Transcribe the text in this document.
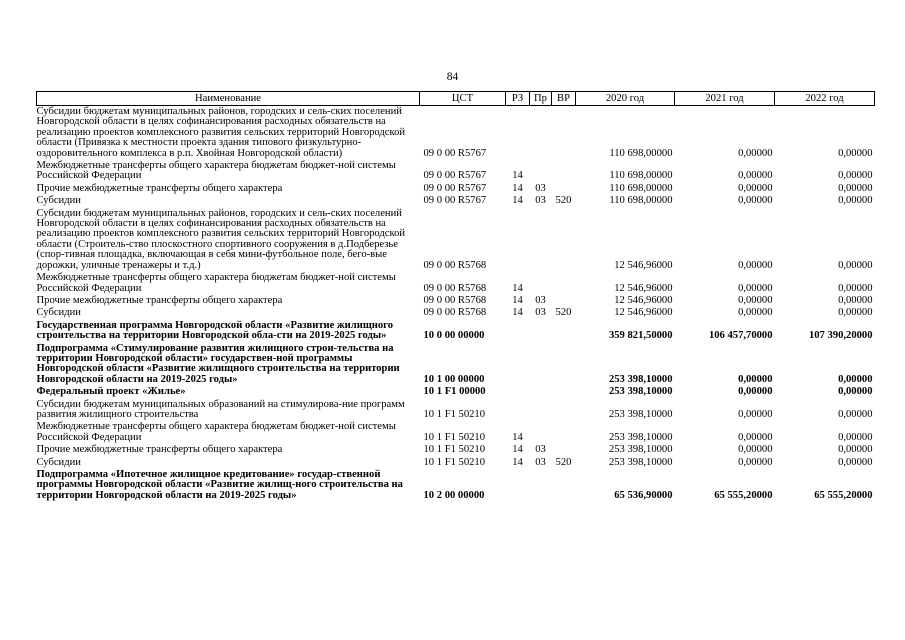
84
Наименование	ЦСТ	РЗ	Пр	ВР	2020 год	2021 год	2022 год
Субсидии бюджетам муниципальных районов, городских и сель-ских поселений Новгородской области в целях софинансирования расходных обязательств на реализацию проектов комплексного развития сельских территорий Новгородской области (Привязка к местности проекта здания типового физкультурно-оздоровительного комплекса в р.п. Хвойная Новгородской области)	09 0 00 R5767				110 698,00000	0,00000	0,00000
Межбюджетные трансферты общего характера бюджетам бюджет-ной системы Российской Федерации	09 0 00 R5767	14			110 698,00000	0,00000	0,00000
Прочие межбюджетные трансферты общего характера	09 0 00 R5767	14	03		110 698,00000	0,00000	0,00000
Субсидии	09 0 00 R5767	14	03	520	110 698,00000	0,00000	0,00000
Субсидии бюджетам муниципальных районов, городских и сель-ских поселений Новгородской области в целях софинансирования расходных обязательств на реализацию проектов комплексного развития сельских территорий Новгородской области (Строитель-ство плоскостного спортивного сооружения в д.Подберезье (спор-тивная площадка, включающая в себя мини-футбольное поле, бего-вые дорожки, уличные тренажеры и т.д.)	09 0 00 R5768				12 546,96000	0,00000	0,00000
Межбюджетные трансферты общего характера бюджетам бюджет-ной системы Российской Федерации	09 0 00 R5768	14			12 546,96000	0,00000	0,00000
Прочие межбюджетные трансферты общего характера	09 0 00 R5768	14	03		12 546,96000	0,00000	0,00000
Субсидии	09 0 00 R5768	14	03	520	12 546,96000	0,00000	0,00000
Государственная программа Новгородской области «Развитие жилищного строительства на территории Новгородской обла-сти на 2019-2025 годы»	10 0 00 00000				359 821,50000	106 457,70000	107 390,20000
Подпрограмма «Стимулирование развития жилищного строи-тельства на территории Новгородской области» государствен-ной программы Новгородской области «Развитие жилищного строительства на территории Новгородской области на 2019-2025 годы»	10 1 00 00000				253 398,10000	0,00000	0,00000
Федеральный проект «Жилье»	10 1 F1 00000				253 398,10000	0,00000	0,00000
Субсидии бюджетам муниципальных образований на стимулирова-ние программ развития жилищного строительства	10 1 F1 50210				253 398,10000	0,00000	0,00000
Межбюджетные трансферты общего характера бюджетам бюджет-ной системы Российской Федерации	10 1 F1 50210	14			253 398,10000	0,00000	0,00000
Прочие межбюджетные трансферты общего характера	10 1 F1 50210	14	03		253 398,10000	0,00000	0,00000
Субсидии	10 1 F1 50210	14	03	520	253 398,10000	0,00000	0,00000
Подпрограмма «Ипотечное жилищное кредитование» государ-ственной программы Новгородской области «Развитие жилищ-ного строительства на территории Новгородской области на 2019-2025 годы»	10 2 00 00000				65 536,90000	65 555,20000	65 555,20000
